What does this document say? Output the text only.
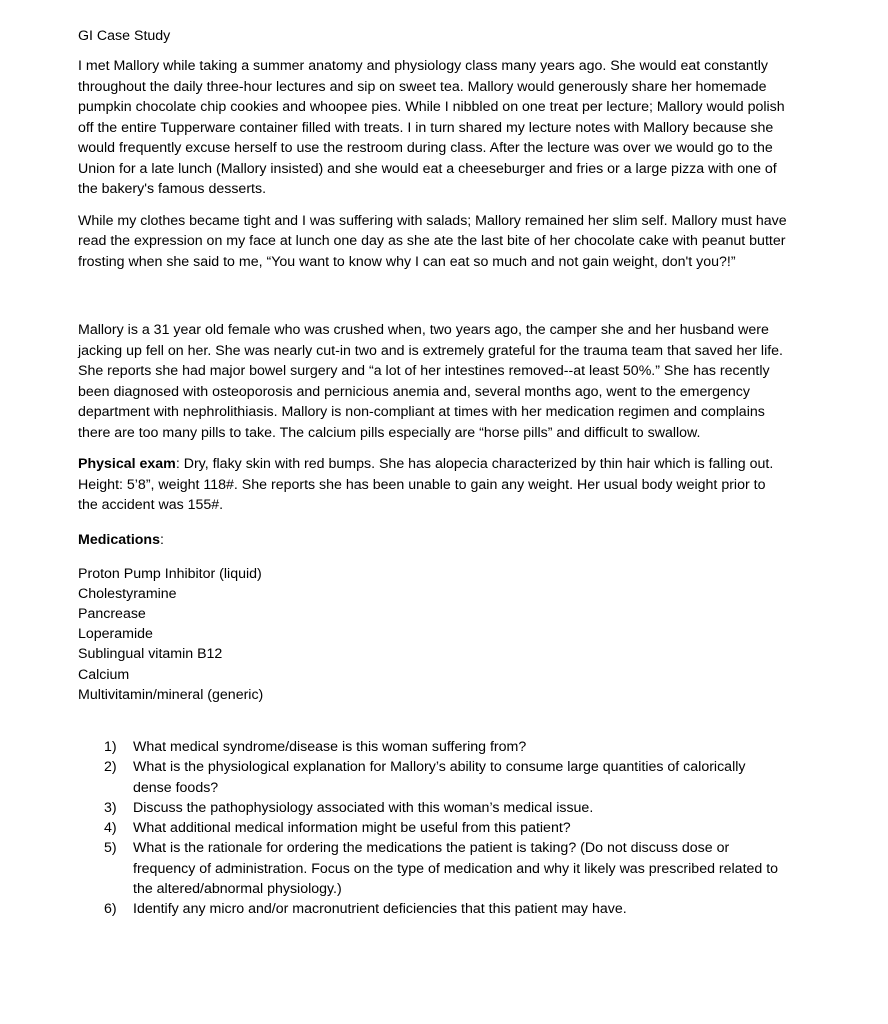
GI Case Study

I met Mallory while taking a summer anatomy and physiology class many years ago. She would eat constantly throughout the daily three-hour lectures and sip on sweet tea. Mallory would generously share her homemade pumpkin chocolate chip cookies and whoopee pies. While I nibbled on one treat per lecture; Mallory would polish off the entire Tupperware container filled with treats. I in turn shared my lecture notes with Mallory because she would frequently excuse herself to use the restroom during class. After the lecture was over we would go to the Union for a late lunch (Mallory insisted) and she would eat a cheeseburger and fries or a large pizza with one of the bakery's famous desserts.

While my clothes became tight and I was suffering with salads; Mallory remained her slim self. Mallory must have read the expression on my face at lunch one day as she ate the last bite of her chocolate cake with peanut butter frosting when she said to me, “You want to know why I can eat so much and not gain weight, don't you?!”

Mallory is a 31 year old female who was crushed when, two years ago, the camper she and her husband were jacking up fell on her. She was nearly cut-in two and is extremely grateful for the trauma team that saved her life. She reports she had major bowel surgery and “a lot of her intestines removed--at least 50%.” She has recently been diagnosed with osteoporosis and pernicious anemia and, several months ago, went to the emergency department with nephrolithiasis. Mallory is non-compliant at times with her medication regimen and complains there are too many pills to take. The calcium pills especially are “horse pills” and difficult to swallow.

Physical exam: Dry, flaky skin with red bumps. She has alopecia characterized by thin hair which is falling out. Height: 5’8”, weight 118#. She reports she has been unable to gain any weight. Her usual body weight prior to the accident was 155#.

Medications:
Proton Pump Inhibitor (liquid)
Cholestyramine
Pancrease
Loperamide
Sublingual vitamin B12
Calcium
Multivitamin/mineral (generic)
1) What medical syndrome/disease is this woman suffering from?
2) What is the physiological explanation for Mallory’s ability to consume large quantities of calorically dense foods?
3) Discuss the pathophysiology associated with this woman’s medical issue.
4) What additional medical information might be useful from this patient?
5) What is the rationale for ordering the medications the patient is taking? (Do not discuss dose or frequency of administration. Focus on the type of medication and why it likely was prescribed related to the altered/abnormal physiology.)
6) Identify any micro and/or macronutrient deficiencies that this patient may have.
